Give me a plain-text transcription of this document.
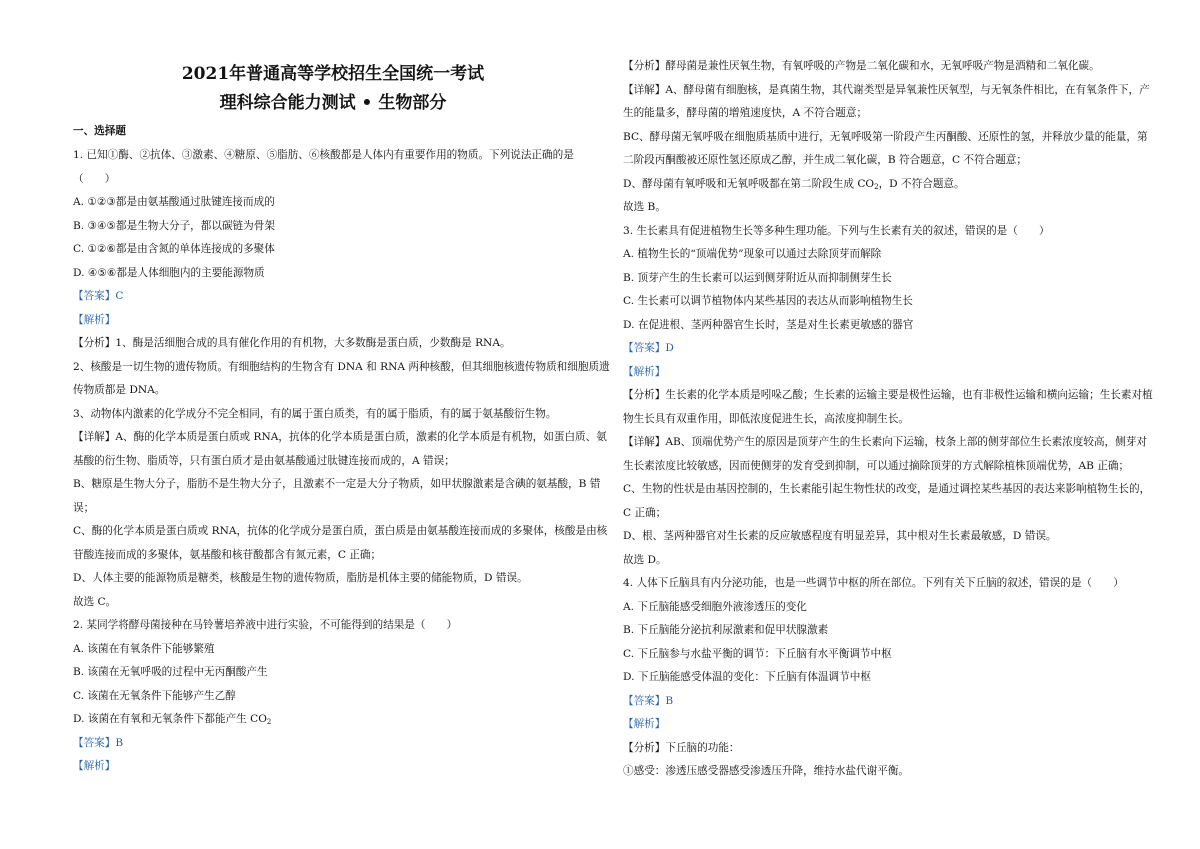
2021年普通高等学校招生全国统一考试
理科综合能力测试 • 生物部分
一、选择题
1. 已知①酶、②抗体、③激素、④糖原、⑤脂肪、⑥核酸都是人体内有重要作用的物质。下列说法正确的是
（　　）
A. ①②③都是由氨基酸通过肽键连接而成的
B. ③④⑤都是生物大分子，都以碳链为骨架
C. ①②⑥都是由含氮的单体连接成的多聚体
D. ④⑤⑥都是人体细胞内的主要能源物质
【答案】C
【解析】
【分析】1、酶是活细胞合成的具有催化作用的有机物，大多数酶是蛋白质，少数酶是 RNA。
2、核酸是一切生物的遗传物质。有细胞结构的生物含有 DNA 和 RNA 两种核酸，但其细胞核遗传物质和细胞质遗
传物质都是 DNA。
3、动物体内激素的化学成分不完全相同，有的属于蛋白质类，有的属于脂质，有的属于氨基酸衍生物。
【详解】A、酶的化学本质是蛋白质或 RNA，抗体的化学本质是蛋白质，激素的化学本质是有机物，如蛋白质、氨
基酸的衍生物、脂质等，只有蛋白质才是由氨基酸通过肽键连接而成的，A 错误；
B、糖原是生物大分子，脂肪不是生物大分子，且激素不一定是大分子物质，如甲状腺激素是含碘的氨基酸，B 错
误；
C、酶的化学本质是蛋白质或 RNA，抗体的化学成分是蛋白质，蛋白质是由氨基酸连接而成的多聚体，核酸是由核
苷酸连接而成的多聚体，氨基酸和核苷酸都含有氮元素，C 正确；
D、人体主要的能源物质是糖类，核酸是生物的遗传物质，脂肪是机体主要的储能物质，D 错误。
故选 C。
2. 某同学将酵母菌接种在马铃薯培养液中进行实验，不可能得到的结果是（　　）
A. 该菌在有氧条件下能够繁殖
B. 该菌在无氧呼吸的过程中无丙酮酸产生
C. 该菌在无氧条件下能够产生乙醇
D. 该菌在有氧和无氧条件下都能产生 $CO_2$
【答案】B
【解析】
【分析】酵母菌是兼性厌氧生物，有氧呼吸的产物是二氧化碳和水，无氧呼吸产物是酒精和二氧化碳。
【详解】A、酵母菌有细胞核，是真菌生物，其代谢类型是异氧兼性厌氧型，与无氧条件相比，在有氧条件下，产
生的能量多，酵母菌的增殖速度快，A 不符合题意；
BC、酵母菌无氧呼吸在细胞质基质中进行，无氧呼吸第一阶段产生丙酮酸、还原性的氢，并释放少量的能量，第
二阶段丙酮酸被还原性氢还原成乙醇，并生成二氧化碳，B 符合题意，C 不符合题意；
D、酵母菌有氧呼吸和无氧呼吸都在第二阶段生成 $CO_2$，D 不符合题意。
故选 B。
3. 生长素具有促进植物生长等多种生理功能。下列与生长素有关的叙述，错误的是（　　）
A. 植物生长的“顶端优势”现象可以通过去除顶芽而解除
B. 顶芽产生的生长素可以运到侧芽附近从而抑制侧芽生长
C. 生长素可以调节植物体内某些基因的表达从而影响植物生长
D. 在促进根、茎两种器官生长时，茎是对生长素更敏感的器官
【答案】D
【解析】
【分析】生长素的化学本质是吲哚乙酸；生长素的运输主要是极性运输，也有非极性运输和横向运输；生长素对植
物生长具有双重作用，即低浓度促进生长，高浓度抑制生长。
【详解】AB、顶端优势产生的原因是顶芽产生的生长素向下运输，枝条上部的侧芽部位生长素浓度较高，侧芽对
生长素浓度比较敏感，因而使侧芽的发育受到抑制，可以通过摘除顶芽的方式解除植株顶端优势，AB 正确；
C、生物的性状是由基因控制的，生长素能引起生物性状的改变，是通过调控某些基因的表达来影响植物生长的，
C 正确；
D、根、茎两种器官对生长素的反应敏感程度有明显差异，其中根对生长素最敏感，D 错误。
故选 D。
4. 人体下丘脑具有内分泌功能，也是一些调节中枢的所在部位。下列有关下丘脑的叙述，错误的是（　　）
A. 下丘脑能感受细胞外液渗透压的变化
B. 下丘脑能分泌抗利尿激素和促甲状腺激素
C. 下丘脑参与水盐平衡的调节：下丘脑有水平衡调节中枢
D. 下丘脑能感受体温的变化：下丘脑有体温调节中枢
【答案】B
【解析】
【分析】下丘脑的功能：
①感受：渗透压感受器感受渗透压升降，维持水盐代谢平衡。
